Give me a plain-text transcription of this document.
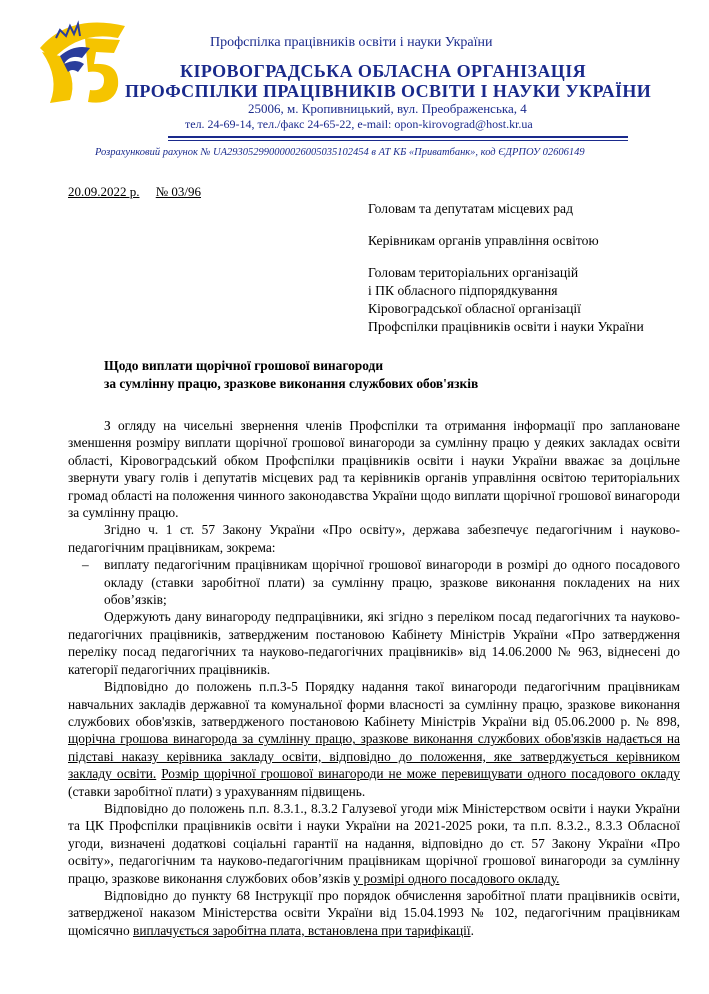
Профспілка працівників освіти і науки України
КІРОВОГРАДСЬКА ОБЛАСНА ОРГАНІЗАЦІЯ
ПРОФСПІЛКИ ПРАЦІВНИКІВ ОСВІТИ І НАУКИ УКРАЇНИ
25006, м. Кропивницький, вул. Преображенська, 4
тел. 24-69-14, тел./факс 24-65-22, e-mail: opon-kirovograd@host.kr.ua
Розрахунковий рахунок № UA293052990000026005035102454 в АТ КБ «Приватбанк», код ЄДРПОУ 02606149
20.09.2022 р. № 03/96
Головам та депутатам місцевих рад
Керівникам органів управління освітою
Головам територіальних організацій
і ПК обласного підпорядкування
Кіровоградської обласної організації
Профспілки працівників освіти і науки України
Щодо виплати щорічної грошової винагороди
за сумлінну працю, зразкове виконання службових обов'язків

З огляду на чисельні звернення членів Профспілки та отримання інформації про заплановане зменшення розміру виплати щорічної грошової винагороди за сумлінну працю у деяких закладах освіти області, Кіровоградський обком Профспілки працівників освіти і науки України вважає за доцільне звернути увагу голів і депутатів місцевих рад та керівників органів управління освітою територіальних громад області на положення чинного законодавства України щодо виплати щорічної грошової винагороди за сумлінну працю.

Згідно ч. 1 ст. 57 Закону України «Про освіту», держава забезпечує педагогічним і науково-педагогічним працівникам, зокрема:

– виплату педагогічним працівникам щорічної грошової винагороди в розмірі до одного посадового окладу (ставки заробітної плати) за сумлінну працю, зразкове виконання покладених на них обов’язків;

Одержують дану винагороду педпрацівники, які згідно з переліком посад педагогічних та науково-педагогічних працівників, затвердженим постановою Кабінету Міністрів України «Про затвердження переліку посад педагогічних та науково-педагогічних працівників» від 14.06.2000 № 963, віднесені до категорії педагогічних працівників.

Відповідно до положень п.п.3-5 Порядку надання такої винагороди педагогічним працівникам навчальних закладів державної та комунальної форми власності за сумлінну працю, зразкове виконання службових обов'язків, затвердженого постановою Кабінету Міністрів України від 05.06.2000 р. № 898, щорічна грошова винагорода за сумлінну працю, зразкове виконання службових обов'язків надається на підставі наказу керівника закладу освіти, відповідно до положення, яке затверджується керівником закладу освіти. Розмір щорічної грошової винагороди не може перевищувати одного посадового окладу (ставки заробітної плати) з урахуванням підвищень.

Відповідно до положень п.п. 8.3.1., 8.3.2 Галузевої угоди між Міністерством освіти і науки України та ЦК Профспілки працівників освіти і науки України на 2021-2025 роки, та п.п. 8.3.2., 8.3.3 Обласної угоди, визначені додаткові соціальні гарантії на надання, відповідно до ст. 57 Закону України «Про освіту», педагогічним та науково-педагогічним працівникам щорічної грошової винагороди за сумлінну працю, зразкове виконання службових обов’язків у розмірі одного посадового окладу.

Відповідно до пункту 68 Інструкції про порядок обчислення заробітної плати працівників освіти, затвердженої наказом Міністерства освіти України від 15.04.1993 № 102, педагогічним працівникам щомісячно виплачується заробітна плата, встановлена при тарифікації.
